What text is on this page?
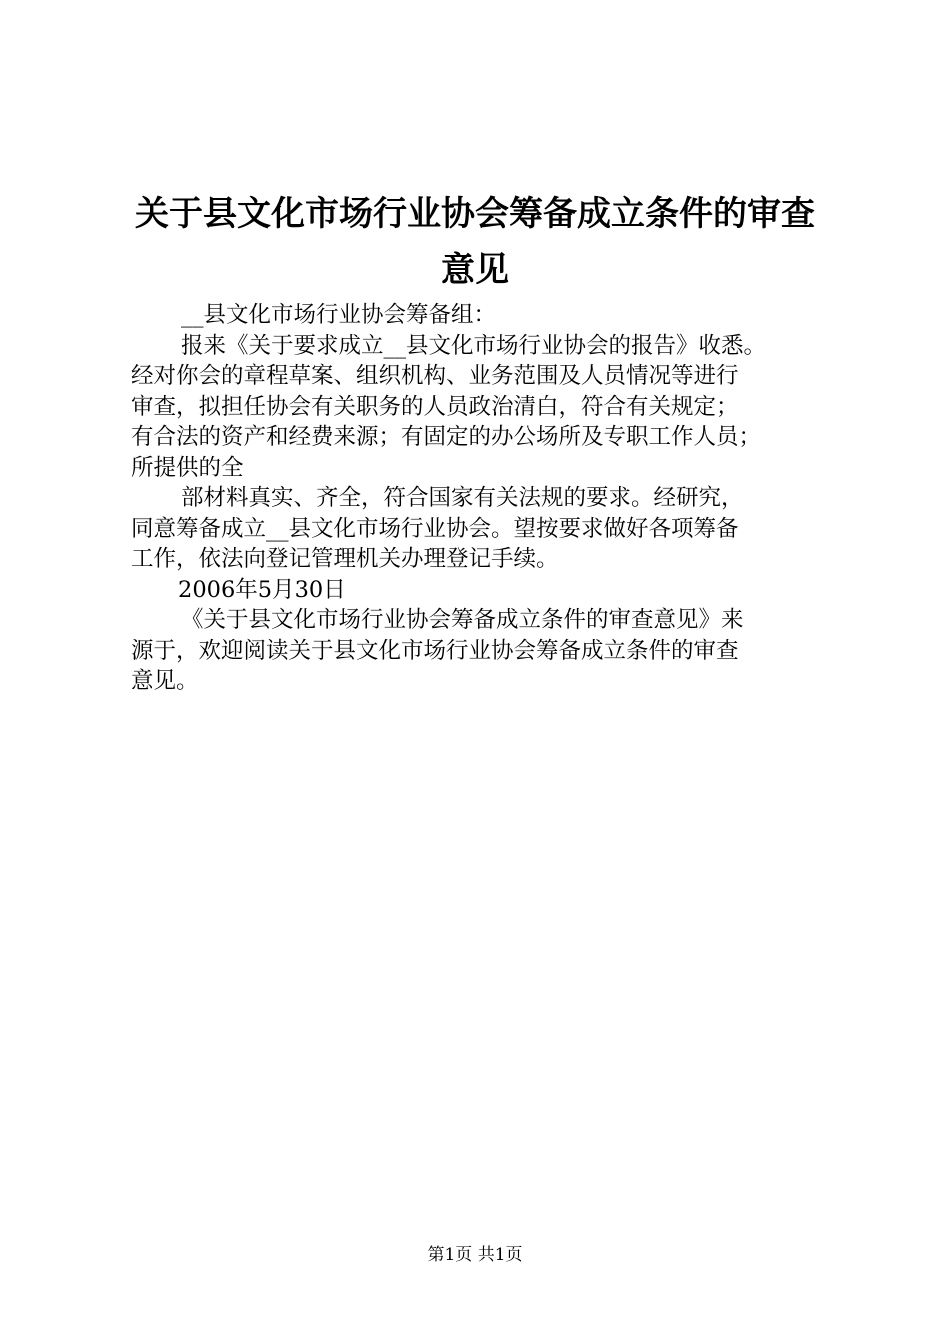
关于县文化市场行业协会筹备成立条件的审查
意见
__县文化市场行业协会筹备组：
报来《关于要求成立__县文化市场行业协会的报告》收悉。
经对你会的章程草案、组织机构、业务范围及人员情况等进行
审查，拟担任协会有关职务的人员政治清白，符合有关规定；
有合法的资产和经费来源；有固定的办公场所及专职工作人员；
所提供的全
部材料真实、齐全，符合国家有关法规的要求。经研究，
同意筹备成立__县文化市场行业协会。望按要求做好各项筹备
工作，依法向登记管理机关办理登记手续。
2006年5月30日
《关于县文化市场行业协会筹备成立条件的审查意见》来
源于，欢迎阅读关于县文化市场行业协会筹备成立条件的审查
意见。
第1页 共1页
